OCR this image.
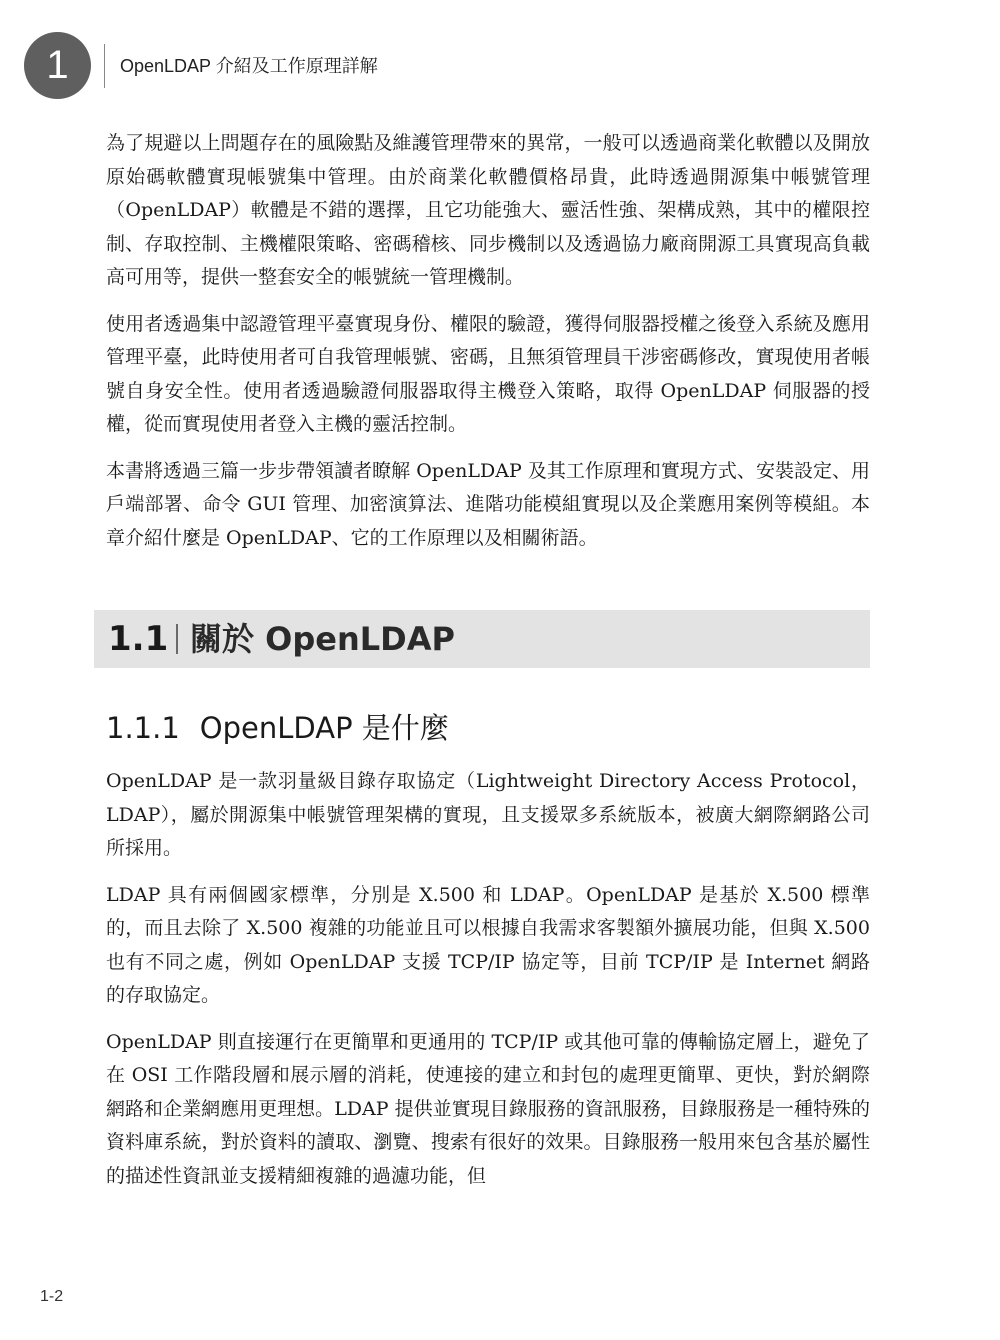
1	OpenLDAP 介紹及工作原理詳解

為了規避以上問題存在的風險點及維護管理帶來的異常，一般可以透過商業化軟體以及開放原始碼軟體實現帳號集中管理。由於商業化軟體價格昂貴，此時透過開源集中帳號管理（OpenLDAP）軟體是不錯的選擇，且它功能強大、靈活性強、架構成熟，其中的權限控制、存取控制、主機權限策略、密碼稽核、同步機制以及透過協力廠商開源工具實現高負載高可用等，提供一整套安全的帳號統一管理機制。

使用者透過集中認證管理平臺實現身份、權限的驗證，獲得伺服器授權之後登入系統及應用管理平臺，此時使用者可自我管理帳號、密碼，且無須管理員干涉密碼修改，實現使用者帳號自身安全性。使用者透過驗證伺服器取得主機登入策略，取得 OpenLDAP 伺服器的授權，從而實現使用者登入主機的靈活控制。

本書將透過三篇一步步帶領讀者瞭解 OpenLDAP 及其工作原理和實現方式、安裝設定、用戶端部署、命令 GUI 管理、加密演算法、進階功能模組實現以及企業應用案例等模組。本章介紹什麼是 OpenLDAP、它的工作原理以及相關術語。

1.1 關於 OpenLDAP
1.1.1 OpenLDAP 是什麼

OpenLDAP 是一款羽量級目錄存取協定（Lightweight Directory Access Protocol，LDAP），屬於開源集中帳號管理架構的實現，且支援眾多系統版本，被廣大網際網路公司所採用。

LDAP 具有兩個國家標準，分別是 X.500 和 LDAP。OpenLDAP 是基於 X.500 標準的，而且去除了 X.500 複雜的功能並且可以根據自我需求客製額外擴展功能，但與 X.500 也有不同之處，例如 OpenLDAP 支援 TCP/IP 協定等，目前 TCP/IP 是 Internet 網路的存取協定。

OpenLDAP 則直接運行在更簡單和更通用的 TCP/IP 或其他可靠的傳輸協定層上，避免了在 OSI 工作階段層和展示層的消耗，使連接的建立和封包的處理更簡單、更快，對於網際網路和企業網應用更理想。LDAP 提供並實現目錄服務的資訊服務，目錄服務是一種特殊的資料庫系統，對於資料的讀取、瀏覽、搜索有很好的效果。目錄服務一般用來包含基於屬性的描述性資訊並支援精細複雜的過濾功能，但

1-2
